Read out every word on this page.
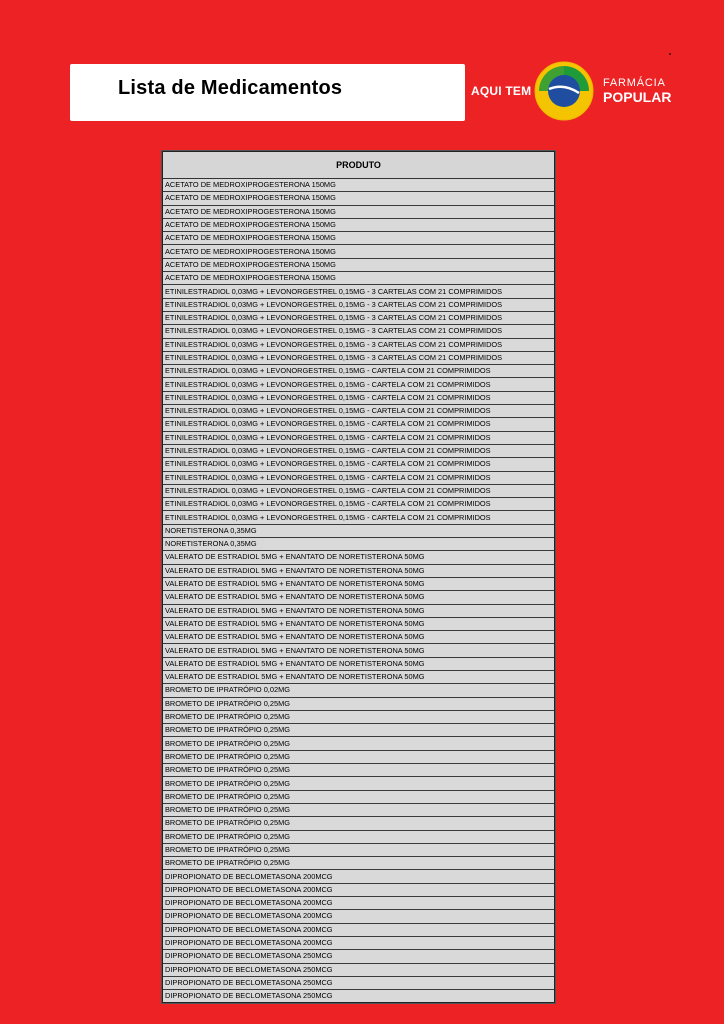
Lista de Medicamentos	AQUI TEM
FARMÁCIA
POPULAR
PRODUTO
ACETATO DE MEDROXIPROGESTERONA 150MG
ACETATO DE MEDROXIPROGESTERONA 150MG
ACETATO DE MEDROXIPROGESTERONA 150MG
ACETATO DE MEDROXIPROGESTERONA 150MG
ACETATO DE MEDROXIPROGESTERONA 150MG
ACETATO DE MEDROXIPROGESTERONA 150MG
ACETATO DE MEDROXIPROGESTERONA 150MG
ACETATO DE MEDROXIPROGESTERONA 150MG
ETINILESTRADIOL 0,03MG + LEVONORGESTREL 0,15MG - 3 CARTELAS COM 21 COMPRIMIDOS
ETINILESTRADIOL 0,03MG + LEVONORGESTREL 0,15MG - 3 CARTELAS COM 21 COMPRIMIDOS
ETINILESTRADIOL 0,03MG + LEVONORGESTREL 0,15MG - 3 CARTELAS COM 21 COMPRIMIDOS
ETINILESTRADIOL 0,03MG + LEVONORGESTREL 0,15MG - 3 CARTELAS COM 21 COMPRIMIDOS
ETINILESTRADIOL 0,03MG + LEVONORGESTREL 0,15MG - 3 CARTELAS COM 21 COMPRIMIDOS
ETINILESTRADIOL 0,03MG + LEVONORGESTREL 0,15MG - 3 CARTELAS COM 21 COMPRIMIDOS
ETINILESTRADIOL 0,03MG + LEVONORGESTREL 0,15MG - CARTELA COM 21 COMPRIMIDOS
ETINILESTRADIOL 0,03MG + LEVONORGESTREL 0,15MG - CARTELA COM 21 COMPRIMIDOS
ETINILESTRADIOL 0,03MG + LEVONORGESTREL 0,15MG - CARTELA COM 21 COMPRIMIDOS
ETINILESTRADIOL 0,03MG + LEVONORGESTREL 0,15MG - CARTELA COM 21 COMPRIMIDOS
ETINILESTRADIOL 0,03MG + LEVONORGESTREL 0,15MG - CARTELA COM 21 COMPRIMIDOS
ETINILESTRADIOL 0,03MG + LEVONORGESTREL 0,15MG - CARTELA COM 21 COMPRIMIDOS
ETINILESTRADIOL 0,03MG + LEVONORGESTREL 0,15MG - CARTELA COM 21 COMPRIMIDOS
ETINILESTRADIOL 0,03MG + LEVONORGESTREL 0,15MG - CARTELA COM 21 COMPRIMIDOS
ETINILESTRADIOL 0,03MG + LEVONORGESTREL 0,15MG - CARTELA COM 21 COMPRIMIDOS
ETINILESTRADIOL 0,03MG + LEVONORGESTREL 0,15MG - CARTELA COM 21 COMPRIMIDOS
ETINILESTRADIOL 0,03MG + LEVONORGESTREL 0,15MG - CARTELA COM 21 COMPRIMIDOS
ETINILESTRADIOL 0,03MG + LEVONORGESTREL 0,15MG - CARTELA COM 21 COMPRIMIDOS
NORETISTERONA 0,35MG
NORETISTERONA 0,35MG
VALERATO DE ESTRADIOL 5MG + ENANTATO DE NORETISTERONA 50MG
VALERATO DE ESTRADIOL 5MG + ENANTATO DE NORETISTERONA 50MG
VALERATO DE ESTRADIOL 5MG + ENANTATO DE NORETISTERONA 50MG
VALERATO DE ESTRADIOL 5MG + ENANTATO DE NORETISTERONA 50MG
VALERATO DE ESTRADIOL 5MG + ENANTATO DE NORETISTERONA 50MG
VALERATO DE ESTRADIOL 5MG + ENANTATO DE NORETISTERONA 50MG
VALERATO DE ESTRADIOL 5MG + ENANTATO DE NORETISTERONA 50MG
VALERATO DE ESTRADIOL 5MG + ENANTATO DE NORETISTERONA 50MG
VALERATO DE ESTRADIOL 5MG + ENANTATO DE NORETISTERONA 50MG
VALERATO DE ESTRADIOL 5MG + ENANTATO DE NORETISTERONA 50MG
BROMETO DE IPRATRÓPIO 0,02MG
BROMETO DE IPRATRÓPIO 0,25MG
BROMETO DE IPRATRÓPIO 0,25MG
BROMETO DE IPRATRÓPIO 0,25MG
BROMETO DE IPRATRÓPIO 0,25MG
BROMETO DE IPRATRÓPIO 0,25MG
BROMETO DE IPRATRÓPIO 0,25MG
BROMETO DE IPRATRÓPIO 0,25MG
BROMETO DE IPRATRÓPIO 0,25MG
BROMETO DE IPRATRÓPIO 0,25MG
BROMETO DE IPRATRÓPIO 0,25MG
BROMETO DE IPRATRÓPIO 0,25MG
BROMETO DE IPRATRÓPIO 0,25MG
BROMETO DE IPRATRÓPIO 0,25MG
DIPROPIONATO DE BECLOMETASONA 200MCG
DIPROPIONATO DE BECLOMETASONA 200MCG
DIPROPIONATO DE BECLOMETASONA 200MCG
DIPROPIONATO DE BECLOMETASONA 200MCG
DIPROPIONATO DE BECLOMETASONA 200MCG
DIPROPIONATO DE BECLOMETASONA 200MCG
DIPROPIONATO DE BECLOMETASONA 250MCG
DIPROPIONATO DE BECLOMETASONA 250MCG
DIPROPIONATO DE BECLOMETASONA 250MCG
DIPROPIONATO DE BECLOMETASONA 250MCG
